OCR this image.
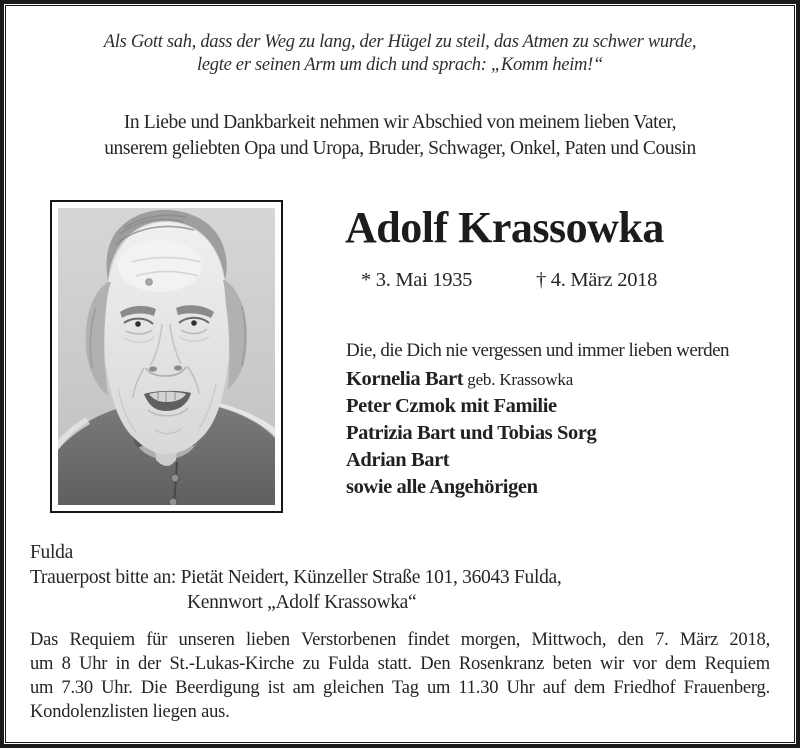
Als Gott sah, dass der Weg zu lang, der Hügel zu steil, das Atmen zu schwer wurde,
legte er seinen Arm um dich und sprach: „Komm heim!“
In Liebe und Dankbarkeit nehmen wir Abschied von meinem lieben Vater,
unserem geliebten Opa und Uropa, Bruder, Schwager, Onkel, Paten und Cousin
Adolf Krassowka
* 3. Mai 1935	† 4. März 2018
Die, die Dich nie vergessen und immer lieben werden
Kornelia Bart geb. Krassowka
Peter Czmok mit Familie
Patrizia Bart und Tobias Sorg
Adrian Bart
sowie alle Angehörigen
Fulda
Trauerpost bitte an: Pietät Neidert, Künzeller Straße 101, 36043 Fulda,
Kennwort „Adolf Krassowka“
Das Requiem für unseren lieben Verstorbenen findet morgen, Mittwoch, den 7. März 2018,
um 8 Uhr in der St.-Lukas-Kirche zu Fulda statt. Den Rosenkranz beten wir vor dem Requiem
um 7.30 Uhr. Die Beerdigung ist am gleichen Tag um 11.30 Uhr auf dem Friedhof Frauenberg.
Kondolenzlisten liegen aus.
